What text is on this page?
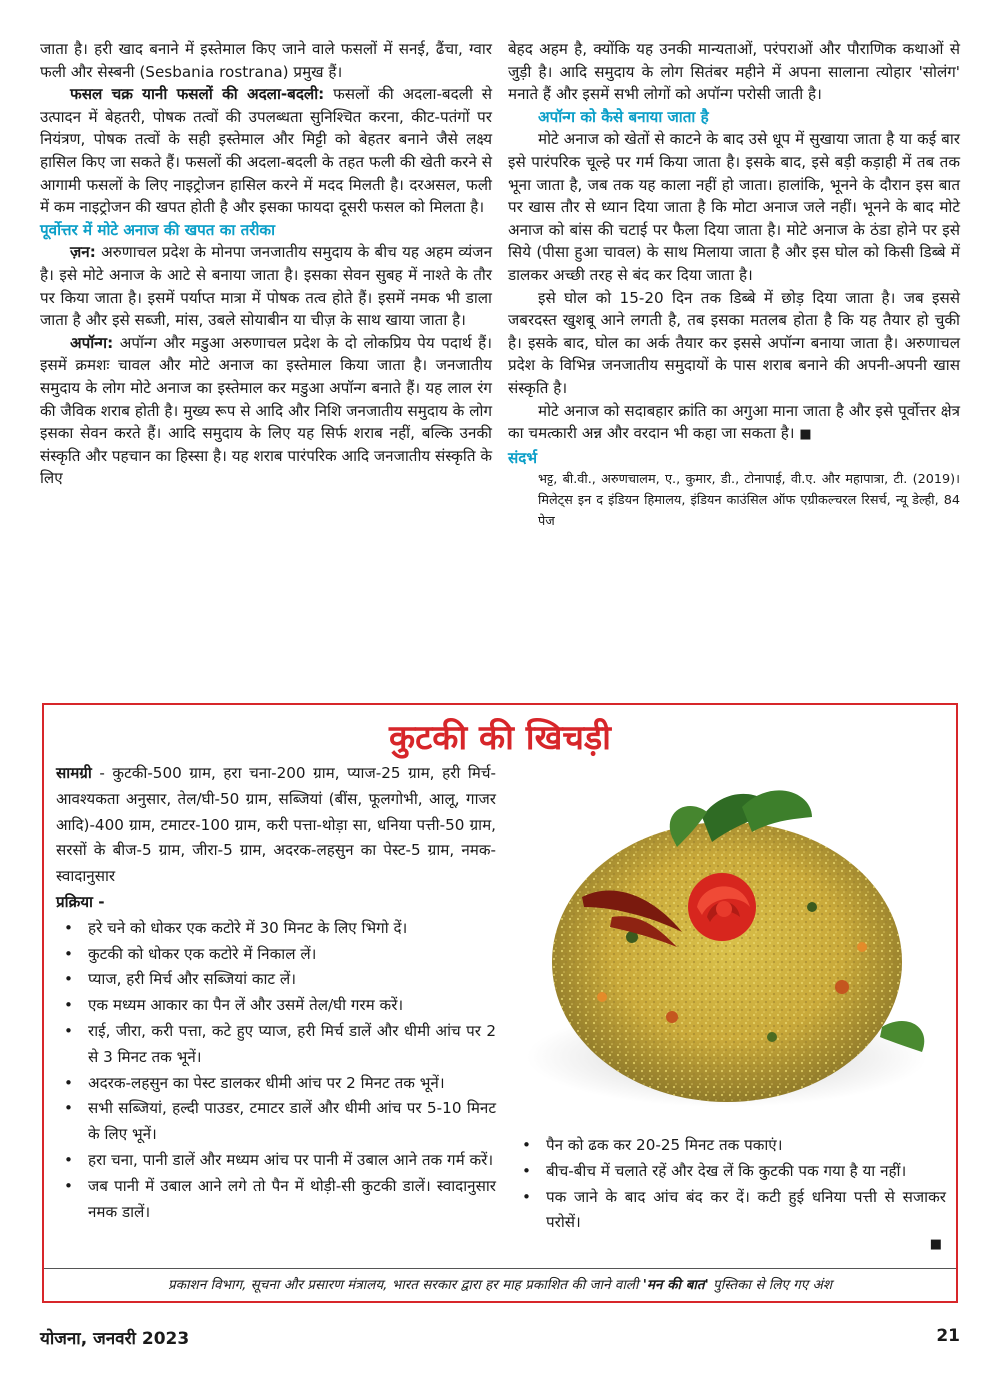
जाता है। हरी खाद बनाने में इस्तेमाल किए जाने वाले फसलों में सनई, ढैंचा, ग्वार फली और सेस्बनी (Sesbania rostrana) प्रमुख हैं।

फसल चक्र यानी फसलों की अदला-बदली: फसलों की अदला-बदली से उत्पादन में बेहतरी, पोषक तत्वों की उपलब्धता सुनिश्चित करना, कीट-पतंगों पर नियंत्रण, पोषक तत्वों के सही इस्तेमाल और मिट्टी को बेहतर बनाने जैसे लक्ष्य हासिल किए जा सकते हैं। फसलों की अदला-बदली के तहत फली की खेती करने से आगामी फसलों के लिए नाइट्रोजन हासिल करने में मदद मिलती है। दरअसल, फली में कम नाइट्रोजन की खपत होती है और इसका फायदा दूसरी फसल को मिलता है।

पूर्वोत्तर में मोटे अनाज की खपत का तरीका

ज़न: अरुणाचल प्रदेश के मोनपा जनजातीय समुदाय के बीच यह अहम व्यंजन है। इसे मोटे अनाज के आटे से बनाया जाता है। इसका सेवन सुबह में नाश्ते के तौर पर किया जाता है। इसमें पर्याप्त मात्रा में पोषक तत्व होते हैं। इसमें नमक भी डाला जाता है और इसे सब्जी, मांस, उबले सोयाबीन या चीज़ के साथ खाया जाता है।

अपॉन्ग: अपॉन्ग और मडुआ अरुणाचल प्रदेश के दो लोकप्रिय पेय पदार्थ हैं। इसमें क्रमशः चावल और मोटे अनाज का इस्तेमाल किया जाता है। जनजातीय समुदाय के लोग मोटे अनाज का इस्तेमाल कर मडुआ अपॉन्ग बनाते हैं। यह लाल रंग की जैविक शराब होती है। मुख्य रूप से आदि और निशि जनजातीय समुदाय के लोग इसका सेवन करते हैं। आदि समुदाय के लिए यह सिर्फ शराब नहीं, बल्कि उनकी संस्कृति और पहचान का हिस्सा है। यह शराब पारंपरिक आदि जनजातीय संस्कृति के लिए

बेहद अहम है, क्योंकि यह उनकी मान्यताओं, परंपराओं और पौराणिक कथाओं से जुड़ी है। आदि समुदाय के लोग सितंबर महीने में अपना सालाना त्योहार 'सोलंग' मनाते हैं और इसमें सभी लोगों को अपॉन्ग परोसी जाती है।

अपॉन्ग को कैसे बनाया जाता है

मोटे अनाज को खेतों से काटने के बाद उसे धूप में सुखाया जाता है या कई बार इसे पारंपरिक चूल्हे पर गर्म किया जाता है। इसके बाद, इसे बड़ी कड़ाही में तब तक भूना जाता है, जब तक यह काला नहीं हो जाता। हालांकि, भूनने के दौरान इस बात पर खास तौर से ध्यान दिया जाता है कि मोटा अनाज जले नहीं। भूनने के बाद मोटे अनाज को बांस की चटाई पर फैला दिया जाता है। मोटे अनाज के ठंडा होने पर इसे सिये (पीसा हुआ चावल) के साथ मिलाया जाता है और इस घोल को किसी डिब्बे में डालकर अच्छी तरह से बंद कर दिया जाता है।

इसे घोल को 15-20 दिन तक डिब्बे में छोड़ दिया जाता है। जब इससे जबरदस्त खुशबू आने लगती है, तब इसका मतलब होता है कि यह तैयार हो चुकी है। इसके बाद, घोल का अर्क तैयार कर इससे अपॉन्ग बनाया जाता है। अरुणाचल प्रदेश के विभिन्न जनजातीय समुदायों के पास शराब बनाने की अपनी-अपनी खास संस्कृति है।

मोटे अनाज को सदाबहार क्रांति का अगुआ माना जाता है और इसे पूर्वोत्तर क्षेत्र का चमत्कारी अन्न और वरदान भी कहा जा सकता है। ■

संदर्भ

भट्ट, बी.वी., अरुणचालम, ए., कुमार, डी., टोनापाई, वी.ए. और महापात्रा, टी. (2019)। मिलेट्स इन द इंडियन हिमालय, इंडियन काउंसिल ऑफ एग्रीकल्चरल रिसर्च, न्यू डेल्ही, 84 पेज

कुटकी की खिचड़ी

सामग्री - कुटकी-500 ग्राम, हरा चना-200 ग्राम, प्याज-25 ग्राम, हरी मिर्च-आवश्यकता अनुसार, तेल/घी-50 ग्राम, सब्जियां (बींस, फूलगोभी, आलू, गाजर आदि)-400 ग्राम, टमाटर-100 ग्राम, करी पत्ता-थोड़ा सा, धनिया पत्ती-50 ग्राम, सरसों के बीज-5 ग्राम, जीरा-5 ग्राम, अदरक-लहसुन का पेस्ट-5 ग्राम, नमक-स्वादानुसार

प्रक्रिया -

• हरे चने को धोकर एक कटोरे में 30 मिनट के लिए भिगो दें।
• कुटकी को धोकर एक कटोरे में निकाल लें।
• प्याज, हरी मिर्च और सब्जियां काट लें।
• एक मध्यम आकार का पैन लें और उसमें तेल/घी गरम करें।
• राई, जीरा, करी पत्ता, कटे हुए प्याज, हरी मिर्च डालें और धीमी आंच पर 2 से 3 मिनट तक भूनें।
• अदरक-लहसुन का पेस्ट डालकर धीमी आंच पर 2 मिनट तक भूनें।
• सभी सब्जियां, हल्दी पाउडर, टमाटर डालें और धीमी आंच पर 5-10 मिनट के लिए भूनें।
• हरा चना, पानी डालें और मध्यम आंच पर पानी में उबाल आने तक गर्म करें।
• जब पानी में उबाल आने लगे तो पैन में थोड़ी-सी कुटकी डालें। स्वादानुसार नमक डालें।
• पैन को ढक कर 20-25 मिनट तक पकाएं।
• बीच-बीच में चलाते रहें और देख लें कि कुटकी पक गया है या नहीं।
• पक जाने के बाद आंच बंद कर दें। कटी हुई धनिया पत्ती से सजाकर परोसें।
■
प्रकाशन विभाग, सूचना और प्रसारण मंत्रालय, भारत सरकार द्वारा हर माह प्रकाशित की जाने वाली 'मन की बात' पुस्तिका से लिए गए अंश
योजना, जनवरी 2023	21
